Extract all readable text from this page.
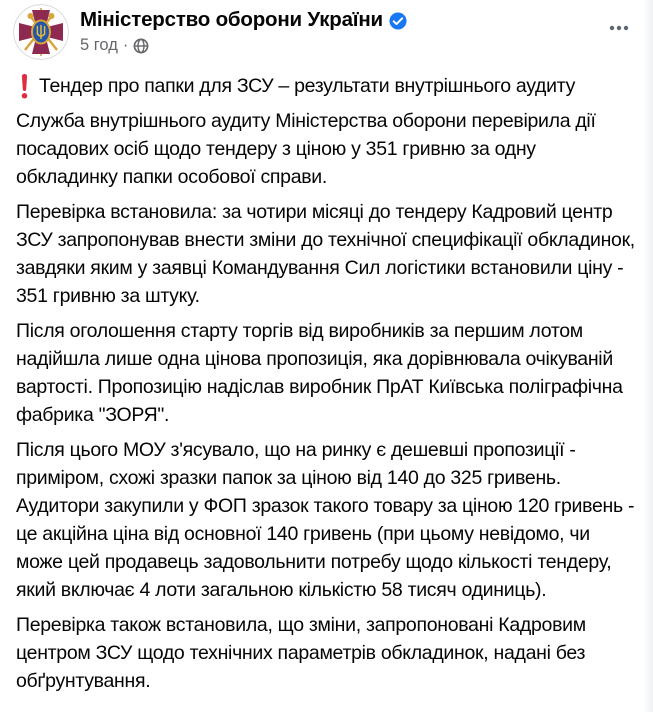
Міністерство оборони України
5 год ·

Тендер про папки для ЗСУ – результати внутрішнього аудиту

Служба внутрішнього аудиту Міністерства оборони перевірила дії посадових осіб щодо тендеру з ціною у 351 гривню за одну обкладинку папки особової справи.

Перевірка встановила: за чотири місяці до тендеру Кадровий центр ЗСУ запропонував внести зміни до технічної специфікації обкладинок, завдяки яким у заявці Командування Сил логістики встановили ціну - 351 гривню за штуку.

Після оголошення старту торгів від виробників за першим лотом надійшла лише одна цінова пропозиція, яка дорівнювала очікуваній вартості. Пропозицію надіслав виробник ПрАТ Київська поліграфічна фабрика "ЗОРЯ".

Після цього МОУ з'ясувало, що на ринку є дешевші пропозиції - приміром, схожі зразки папок за ціною від 140 до 325 гривень. Аудитори закупили у ФОП зразок такого товару за ціною 120 гривень - це акційна ціна від основної 140 гривень (при цьому невідомо, чи може цей продавець задовольнити потребу щодо кількості тендеру, який включає 4 лоти загальною кількістю 58 тисяч одиниць).

Перевірка також встановила, що зміни, запропоновані Кадровим центром ЗСУ щодо технічних параметрів обкладинок, надані без обґрунтування.
